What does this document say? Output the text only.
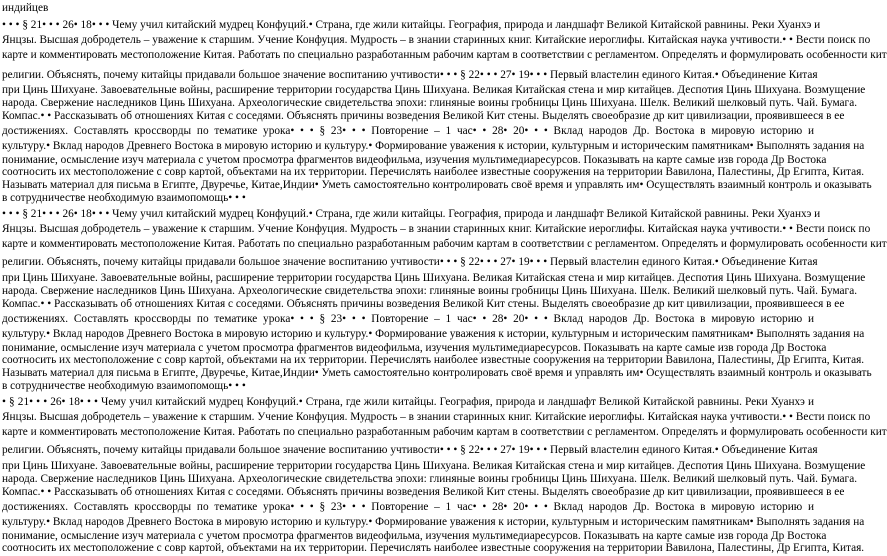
индийцев
• • • § 21• • • 26• 18• • • Чему учил китайский мудрец Конфуций.• Страна, где жили китайцы. География, природа и ландшафт Великой Китайской равнины. Реки Хуанхэ и
Янцзы. Высшая добродетель – уважение к старшим. Учение Конфуция. Мудрость – в знании старинных книг. Китайские иероглифы. Китайская наука учтивости.• • Вести поиск по
карте и комментировать местоположение Китая. Работать по специально разработанным рабочим картам в соответствии с регламентом. Определять и формулировать особенности кит
религии. Объяснять, почему китайцы придавали большое значение воспитанию учтивости• • • § 22• • • 27• 19• • • Первый властелин единого Китая.• Объединение Китая
при Цинь Шихуане. Завоевательные войны, расширение территории государства Цинь Шихуана. Великая Китайская стена и мир китайцев. Деспотия Цинь Шихуана. Возмущение
народа. Свержение наследников Цинь Шихуана. Археологические свидетельства эпохи: глиняные воины гробницы Цинь Шихуана. Шелк. Великий шелковый путь. Чай. Бумага.
Компас.• • Рассказывать об отношениях Китая с соседями. Объяснять причины возведения Великой Кит стены. Выделять своеобразие др кит цивилизации, проявившееся в ее
достижениях. Составлять кроссворды по тематике урока• • • § 23• • • Повторение – 1 час• • 28• 20• • • Вклад народов Др. Востока в мировую историю и
культуру.• Вклад народов Древнего Востока в мировую историю и культуру.• Формирование уважения к истории, культурным и историческим памятникам• Выполнять задания на
понимание, осмысление изуч материала с учетом просмотра фрагментов видеофильма, изучения мультимедиаресурсов. Показывать на карте самые изв города Др Востока
соотносить их местоположение с совр картой, объектами на их территории. Перечислять наиболее известные сооружения на территории Вавилона, Палестины, Др Египта, Китая.
Называть материал для письма в Египте, Двуречье, Китае,Индии• Уметь самостоятельно контролировать своё время и управлять им• Осуществлять взаимный контроль и оказывать
в сотрудничестве необходимую взаимопомощь• • •
• • • § 21• • • 26• 18• • • Чему учил китайский мудрец Конфуций.• Страна, где жили китайцы. География, природа и ландшафт Великой Китайской равнины. Реки Хуанхэ и
Янцзы. Высшая добродетель – уважение к старшим. Учение Конфуция. Мудрость – в знании старинных книг. Китайские иероглифы. Китайская наука учтивости.• • Вести поиск по
карте и комментировать местоположение Китая. Работать по специально разработанным рабочим картам в соответствии с регламентом. Определять и формулировать особенности кит
религии. Объяснять, почему китайцы придавали большое значение воспитанию учтивости• • • § 22• • • 27• 19• • • Первый властелин единого Китая.• Объединение Китая
при Цинь Шихуане. Завоевательные войны, расширение территории государства Цинь Шихуана. Великая Китайская стена и мир китайцев. Деспотия Цинь Шихуана. Возмущение
народа. Свержение наследников Цинь Шихуана. Археологические свидетельства эпохи: глиняные воины гробницы Цинь Шихуана. Шелк. Великий шелковый путь. Чай. Бумага.
Компас.• • Рассказывать об отношениях Китая с соседями. Объяснять причины возведения Великой Кит стены. Выделять своеобразие др кит цивилизации, проявившееся в ее
достижениях. Составлять кроссворды по тематике урока• • • § 23• • • Повторение – 1 час• • 28• 20• • • Вклад народов Др. Востока в мировую историю и
культуру.• Вклад народов Древнего Востока в мировую историю и культуру.• Формирование уважения к истории, культурным и историческим памятникам• Выполнять задания на
понимание, осмысление изуч материала с учетом просмотра фрагментов видеофильма, изучения мультимедиаресурсов. Показывать на карте самые изв города Др Востока
соотносить их местоположение с совр картой, объектами на их территории. Перечислять наиболее известные сооружения на территории Вавилона, Палестины, Др Египта, Китая.
Называть материал для письма в Египте, Двуречье, Китае,Индии• Уметь самостоятельно контролировать своё время и управлять им• Осуществлять взаимный контроль и оказывать
в сотрудничестве необходимую взаимопомощь• • •
• § 21• • • 26• 18• • • Чему учил китайский мудрец Конфуций.• Страна, где жили китайцы. География, природа и ландшафт Великой Китайской равнины. Реки Хуанхэ и
Янцзы. Высшая добродетель – уважение к старшим. Учение Конфуция. Мудрость – в знании старинных книг. Китайские иероглифы. Китайская наука учтивости.• • Вести поиск по
карте и комментировать местоположение Китая. Работать по специально разработанным рабочим картам в соответствии с регламентом. Определять и формулировать особенности кит
религии. Объяснять, почему китайцы придавали большое значение воспитанию учтивости• • • § 22• • • 27• 19• • • Первый властелин единого Китая.• Объединение Китая
при Цинь Шихуане. Завоевательные войны, расширение территории государства Цинь Шихуана. Великая Китайская стена и мир китайцев. Деспотия Цинь Шихуана. Возмущение
народа. Свержение наследников Цинь Шихуана. Археологические свидетельства эпохи: глиняные воины гробницы Цинь Шихуана. Шелк. Великий шелковый путь. Чай. Бумага.
Компас.• • Рассказывать об отношениях Китая с соседями. Объяснять причины возведения Великой Кит стены. Выделять своеобразие др кит цивилизации, проявившееся в ее
достижениях. Составлять кроссворды по тематике урока• • • § 23• • • Повторение – 1 час• • 28• 20• • • Вклад народов Др. Востока в мировую историю и
культуру.• Вклад народов Древнего Востока в мировую историю и культуру.• Формирование уважения к истории, культурным и историческим памятникам• Выполнять задания на
понимание, осмысление изуч материала с учетом просмотра фрагментов видеофильма, изучения мультимедиаресурсов. Показывать на карте самые изв города Др Востока
соотносить их местоположение с совр картой, объектами на их территории. Перечислять наиболее известные сооружения на территории Вавилона, Палестины, Др Египта, Китая.
